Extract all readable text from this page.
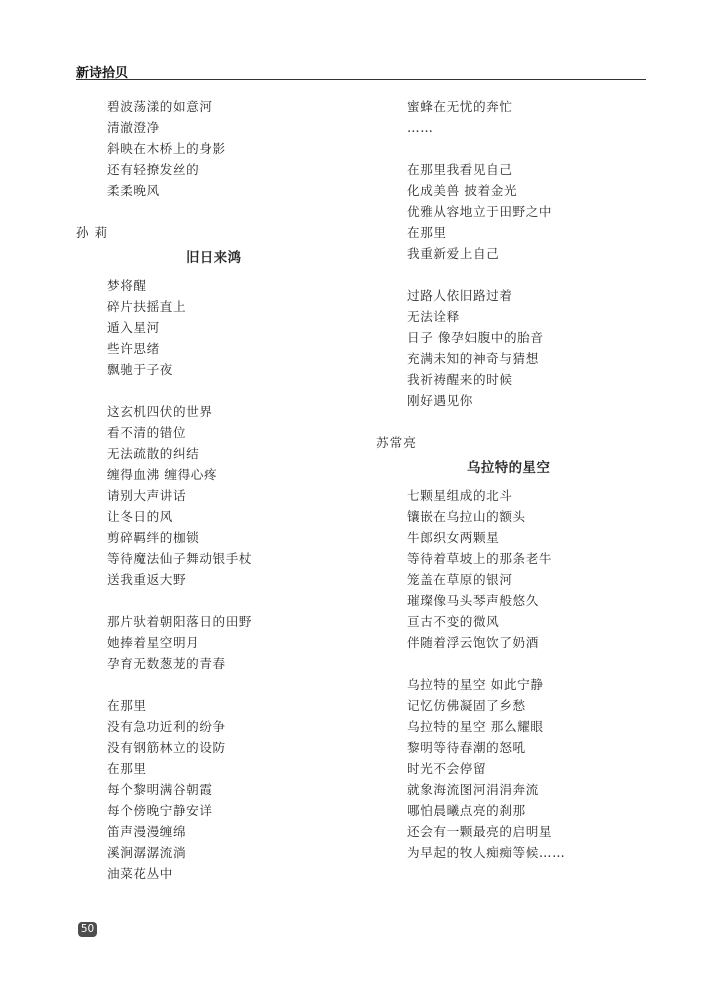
新诗拾贝
碧波荡漾的如意河
清澈澄净
斜映在木桥上的身影
还有轻撩发丝的
柔柔晚风
孙莉
旧日来鸿
梦将醒
碎片扶摇直上
遁入星河
些许思绪
飘驰于子夜
这玄机四伏的世界
看不清的错位
无法疏散的纠结
缠得血沸 缠得心疼
请别大声讲话
让冬日的风
剪碎羁绊的枷锁
等待魔法仙子舞动银手杖
送我重返大野
那片驮着朝阳落日的田野
她捧着星空明月
孕育无数葱茏的青春
在那里
没有急功近利的纷争
没有钢筋林立的设防
在那里
每个黎明满谷朝霞
每个傍晚宁静安详
笛声漫漫缠绵
溪涧潺潺流淌
油菜花丛中
蜜蜂在无忧的奔忙
……
在那里我看见自己
化成美兽 披着金光
优雅从容地立于田野之中
在那里
我重新爱上自己
过路人依旧路过着
无法诠释
日子 像孕妇腹中的胎音
充满未知的神奇与猜想
我祈祷醒来的时候
刚好遇见你
苏常亮
乌拉特的星空
七颗星组成的北斗
镶嵌在乌拉山的额头
牛郎织女两颗星
等待着草坡上的那条老牛
笼盖在草原的银河
璀璨像马头琴声般悠久
亘古不变的微风
伴随着浮云饱饮了奶酒
乌拉特的星空 如此宁静
记忆仿佛凝固了乡愁
乌拉特的星空 那么耀眼
黎明等待春潮的怒吼
时光不会停留
就象海流图河涓涓奔流
哪怕晨曦点亮的刹那
还会有一颗最亮的启明星
为早起的牧人痴痴等候……
50
